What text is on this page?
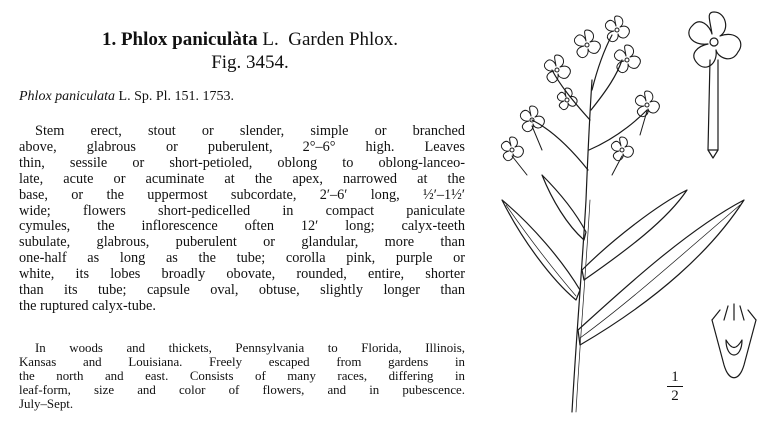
1. Phlox paniculàta L. Garden Phlox.
Fig. 3454.
Phlox paniculata L. Sp. Pl. 151. 1753.
Stem erect, stout or slender, simple or branched
above, glabrous or puberulent, 2°–6° high. Leaves
thin, sessile or short-petioled, oblong to oblong-lanceo-
late, acute or acuminate at the apex, narrowed at the
base, or the uppermost subcordate, 2′–6′ long, ½′–1½′
wide; flowers short-pedicelled in compact paniculate
cymules, the inflorescence often 12′ long; calyx-teeth
subulate, glabrous, puberulent or glandular, more than
one-half as long as the tube; corolla pink, purple or
white, its lobes broadly obovate, rounded, entire, shorter
than its tube; capsule oval, obtuse, slightly longer than
the ruptured calyx-tube.
In woods and thickets, Pennsylvania to Florida, Illinois,
Kansas and Louisiana. Freely escaped from gardens in
the north and east. Consists of many races, differing in
leaf-form, size and color of flowers, and in pubescence.
July–Sept.
1
2
